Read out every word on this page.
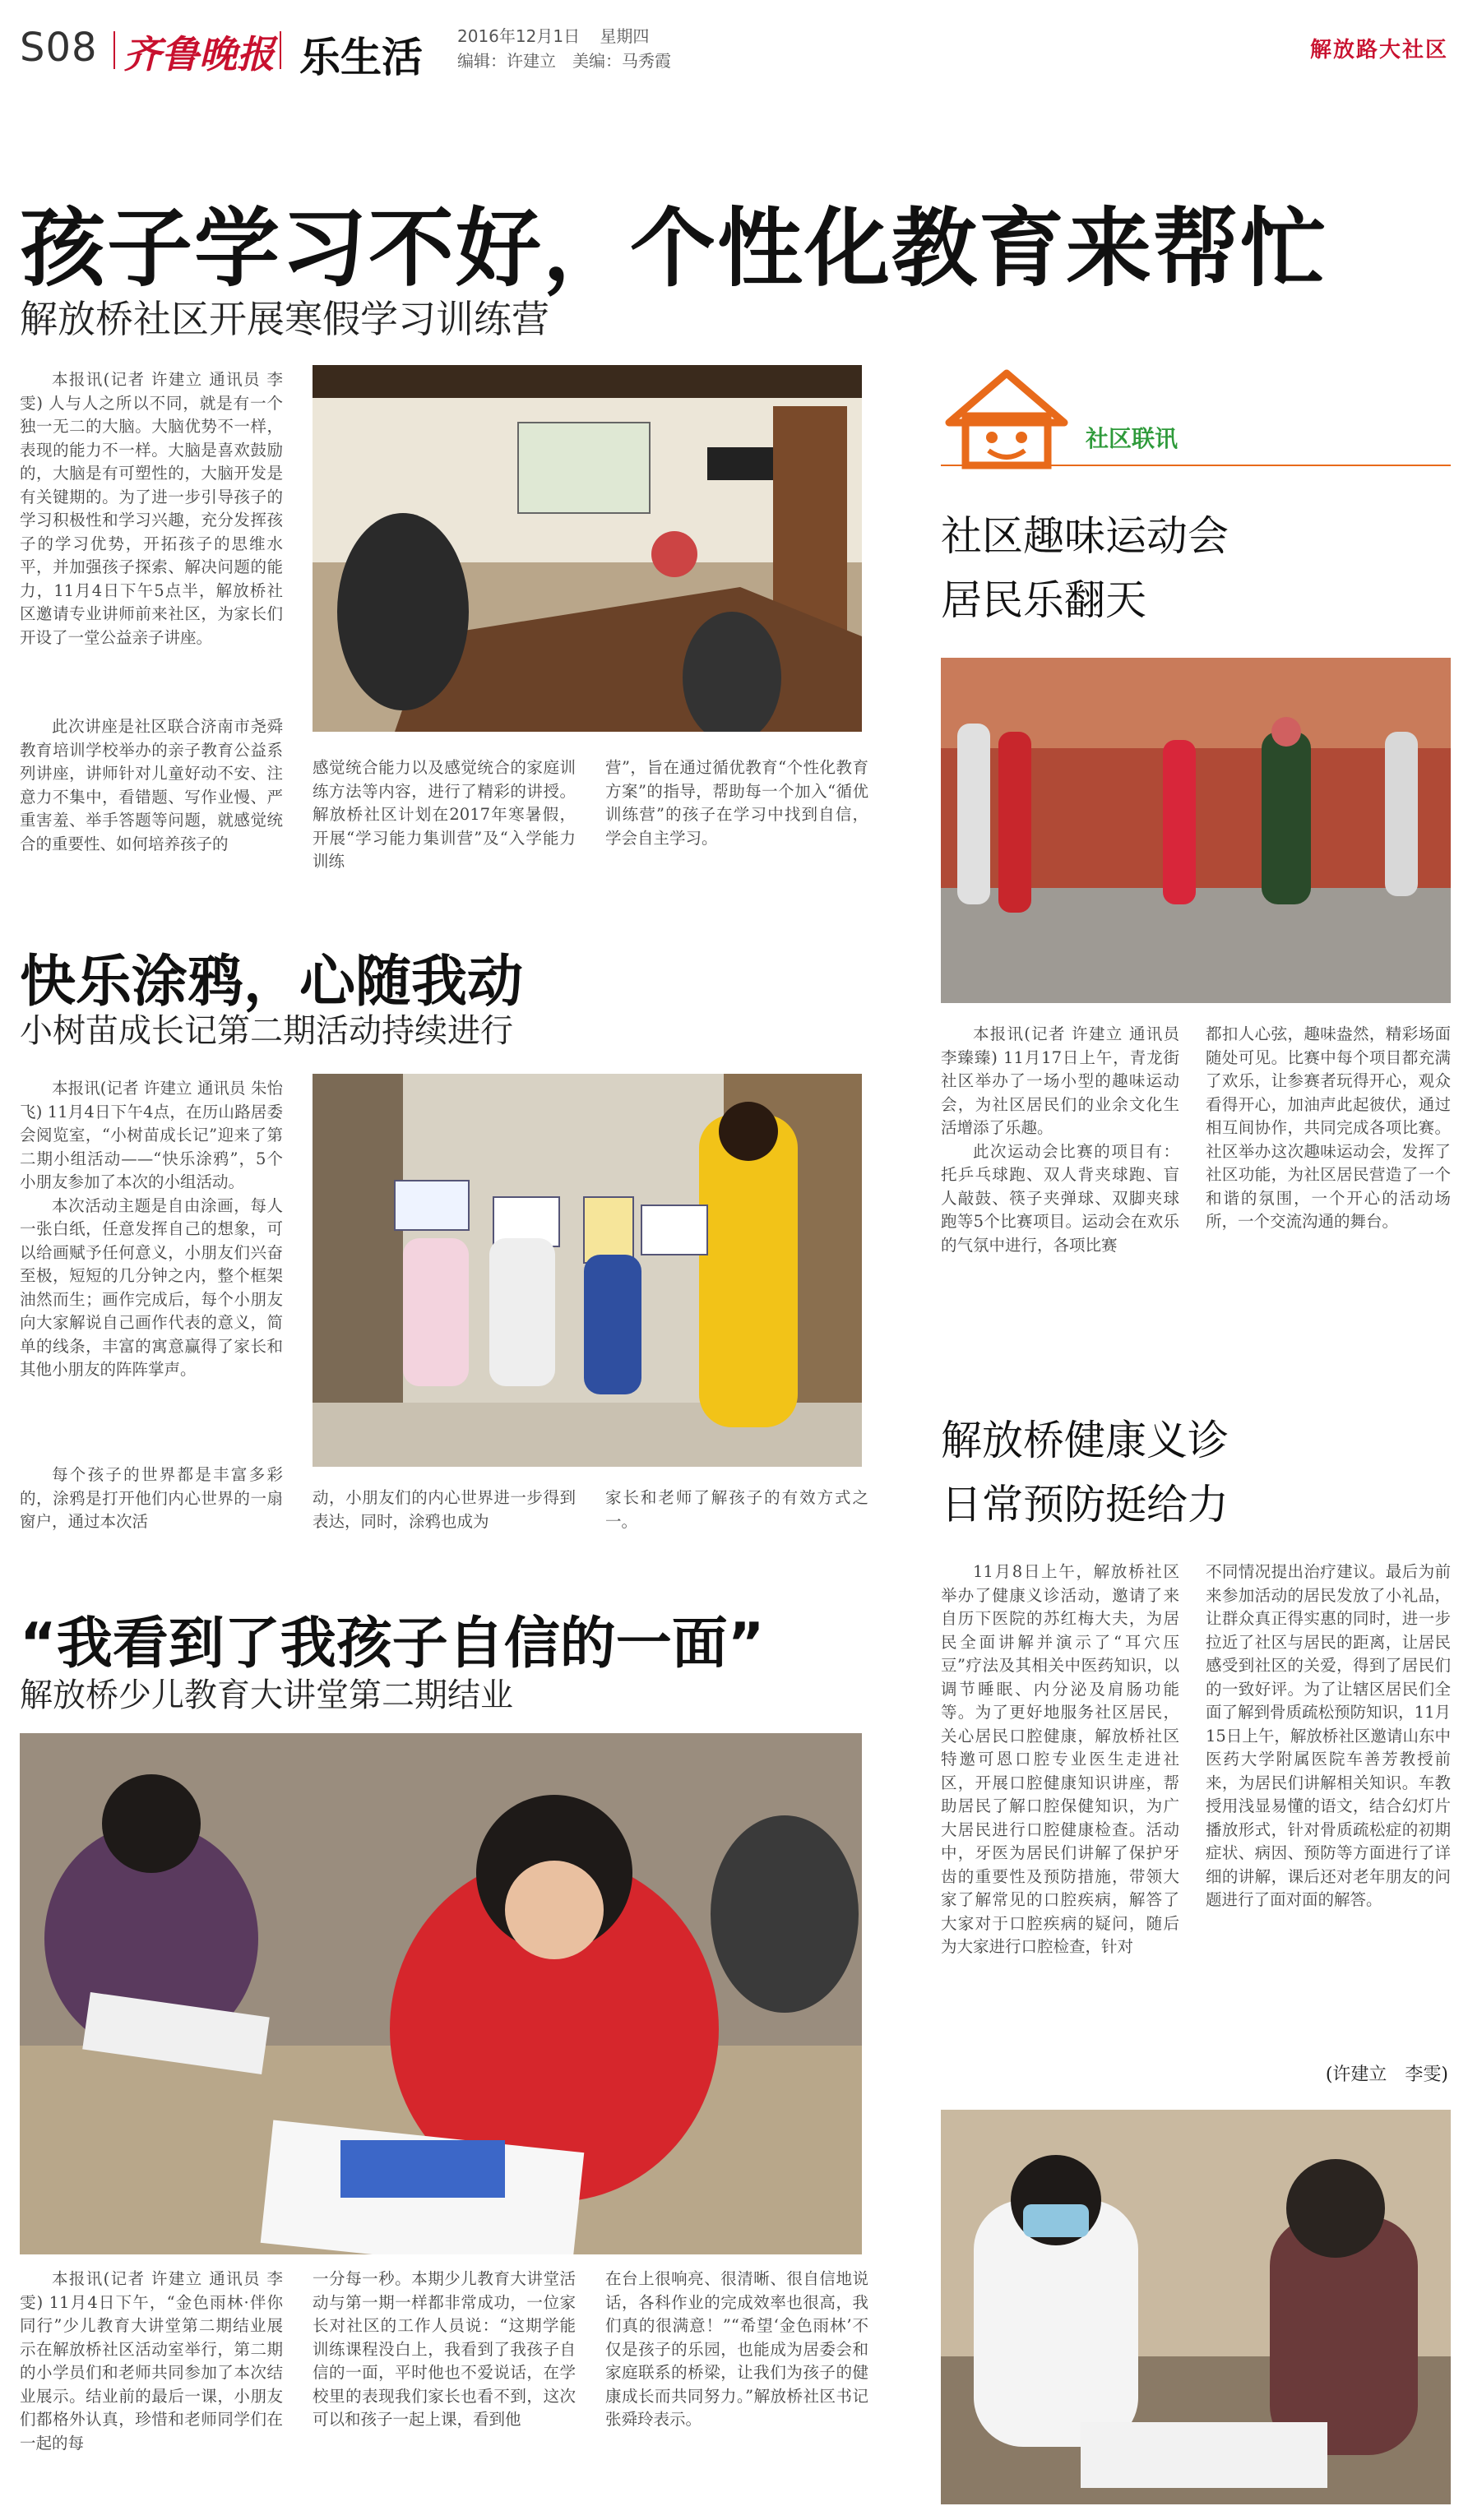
S08 齐鲁晚报 乐生活 2016年12月1日 星期四
编辑：许建立　美编：马秀霞	解放路大社区
孩子学习不好，个性化教育来帮忙
解放桥社区开展寒假学习训练营

本报讯(记者 许建立 通讯员 李雯) 人与人之所以不同，就是有一个独一无二的大脑。大脑优势不一样，表现的能力不一样。大脑是喜欢鼓励的，大脑是有可塑性的，大脑开发是有关键期的。为了进一步引导孩子的学习积极性和学习兴趣，充分发挥孩子的学习优势，开拓孩子的思维水平，并加强孩子探索、解决问题的能力，11月4日下午5点半，解放桥社区邀请专业讲师前来社区，为家长们开设了一堂公益亲子讲座。

此次讲座是社区联合济南市尧舜教育培训学校举办的亲子教育公益系列讲座，讲师针对儿童好动不安、注意力不集中，看错题、写作业慢、严重害羞、举手答题等问题，就感觉统合的重要性、如何培养孩子的

感觉统合能力以及感觉统合的家庭训练方法等内容，进行了精彩的讲授。解放桥社区计划在2017年寒暑假，开展“学习能力集训营”及“入学能力训练

营”，旨在通过循优教育“个性化教育方案”的指导，帮助每一个加入“循优训练营”的孩子在学习中找到自信，学会自主学习。

快乐涂鸦，心随我动
小树苗成长记第二期活动持续进行

本报讯(记者 许建立 通讯员 朱怡飞) 11月4日下午4点，在历山路居委会阅览室，“小树苗成长记”迎来了第二期小组活动——“快乐涂鸦”，5个小朋友参加了本次的小组活动。

本次活动主题是自由涂画，每人一张白纸，任意发挥自己的想象，可以给画赋予任何意义，小朋友们兴奋至极，短短的几分钟之内，整个框架油然而生；画作完成后，每个小朋友向大家解说自己画作代表的意义，简单的线条，丰富的寓意赢得了家长和其他小朋友的阵阵掌声。

每个孩子的世界都是丰富多彩的，涂鸦是打开他们内心世界的一扇窗户，通过本次活

动，小朋友们的内心世界进一步得到表达，同时，涂鸦也成为

家长和老师了解孩子的有效方式之一。

“我看到了我孩子自信的一面”
解放桥少儿教育大讲堂第二期结业

本报讯(记者 许建立 通讯员 李雯) 11月4日下午，“金色雨林·伴你同行”少儿教育大讲堂第二期结业展示在解放桥社区活动室举行，第二期的小学员们和老师共同参加了本次结业展示。结业前的最后一课，小朋友们都格外认真，珍惜和老师同学们在一起的每

一分每一秒。本期少儿教育大讲堂活动与第一期一样都非常成功，一位家长对社区的工作人员说：“这期学能训练课程没白上，我看到了我孩子自信的一面，平时他也不爱说话，在学校里的表现我们家长也看不到，这次可以和孩子一起上课，看到他

在台上很响亮、很清晰、很自信地说话，各科作业的完成效率也很高，我们真的很满意！”“希望‘金色雨林’不仅是孩子的乐园，也能成为居委会和家庭联系的桥梁，让我们为孩子的健康成长而共同努力。”解放桥社区书记张舜玲表示。

社区联讯
社区趣味运动会
居民乐翻天

本报讯(记者 许建立 通讯员 李臻臻) 11月17日上午，青龙街社区举办了一场小型的趣味运动会，为社区居民们的业余文化生活增添了乐趣。

此次运动会比赛的项目有：托乒乓球跑、双人背夹球跑、盲人敲鼓、筷子夹弹球、双脚夹球跑等5个比赛项目。运动会在欢乐的气氛中进行，各项比赛

都扣人心弦，趣味盎然，精彩场面随处可见。比赛中每个项目都充满了欢乐，让参赛者玩得开心，观众看得开心，加油声此起彼伏，通过相互间协作，共同完成各项比赛。社区举办这次趣味运动会，发挥了社区功能，为社区居民营造了一个和谐的氛围，一个开心的活动场所，一个交流沟通的舞台。

解放桥健康义诊
日常预防挺给力

11月8日上午，解放桥社区举办了健康义诊活动，邀请了来自历下医院的苏红梅大夫，为居民全面讲解并演示了“耳穴压豆”疗法及其相关中医药知识，以调节睡眠、内分泌及肩肠功能等。为了更好地服务社区居民，关心居民口腔健康，解放桥社区特邀可恩口腔专业医生走进社区，开展口腔健康知识讲座，帮助居民了解口腔保健知识，为广大居民进行口腔健康检查。活动中，牙医为居民们讲解了保护牙齿的重要性及预防措施，带领大家了解常见的口腔疾病，解答了大家对于口腔疾病的疑问，随后为大家进行口腔检查，针对

不同情况提出治疗建议。最后为前来参加活动的居民发放了小礼品，让群众真正得实惠的同时，进一步拉近了社区与居民的距离，让居民感受到社区的关爱，得到了居民们的一致好评。为了让辖区居民们全面了解到骨质疏松预防知识，11月15日上午，解放桥社区邀请山东中医药大学附属医院车善芳教授前来，为居民们讲解相关知识。车教授用浅显易懂的语文，结合幻灯片播放形式，针对骨质疏松症的初期症状、病因、预防等方面进行了详细的讲解，课后还对老年朋友的问题进行了面对面的解答。

(许建立　李雯)
